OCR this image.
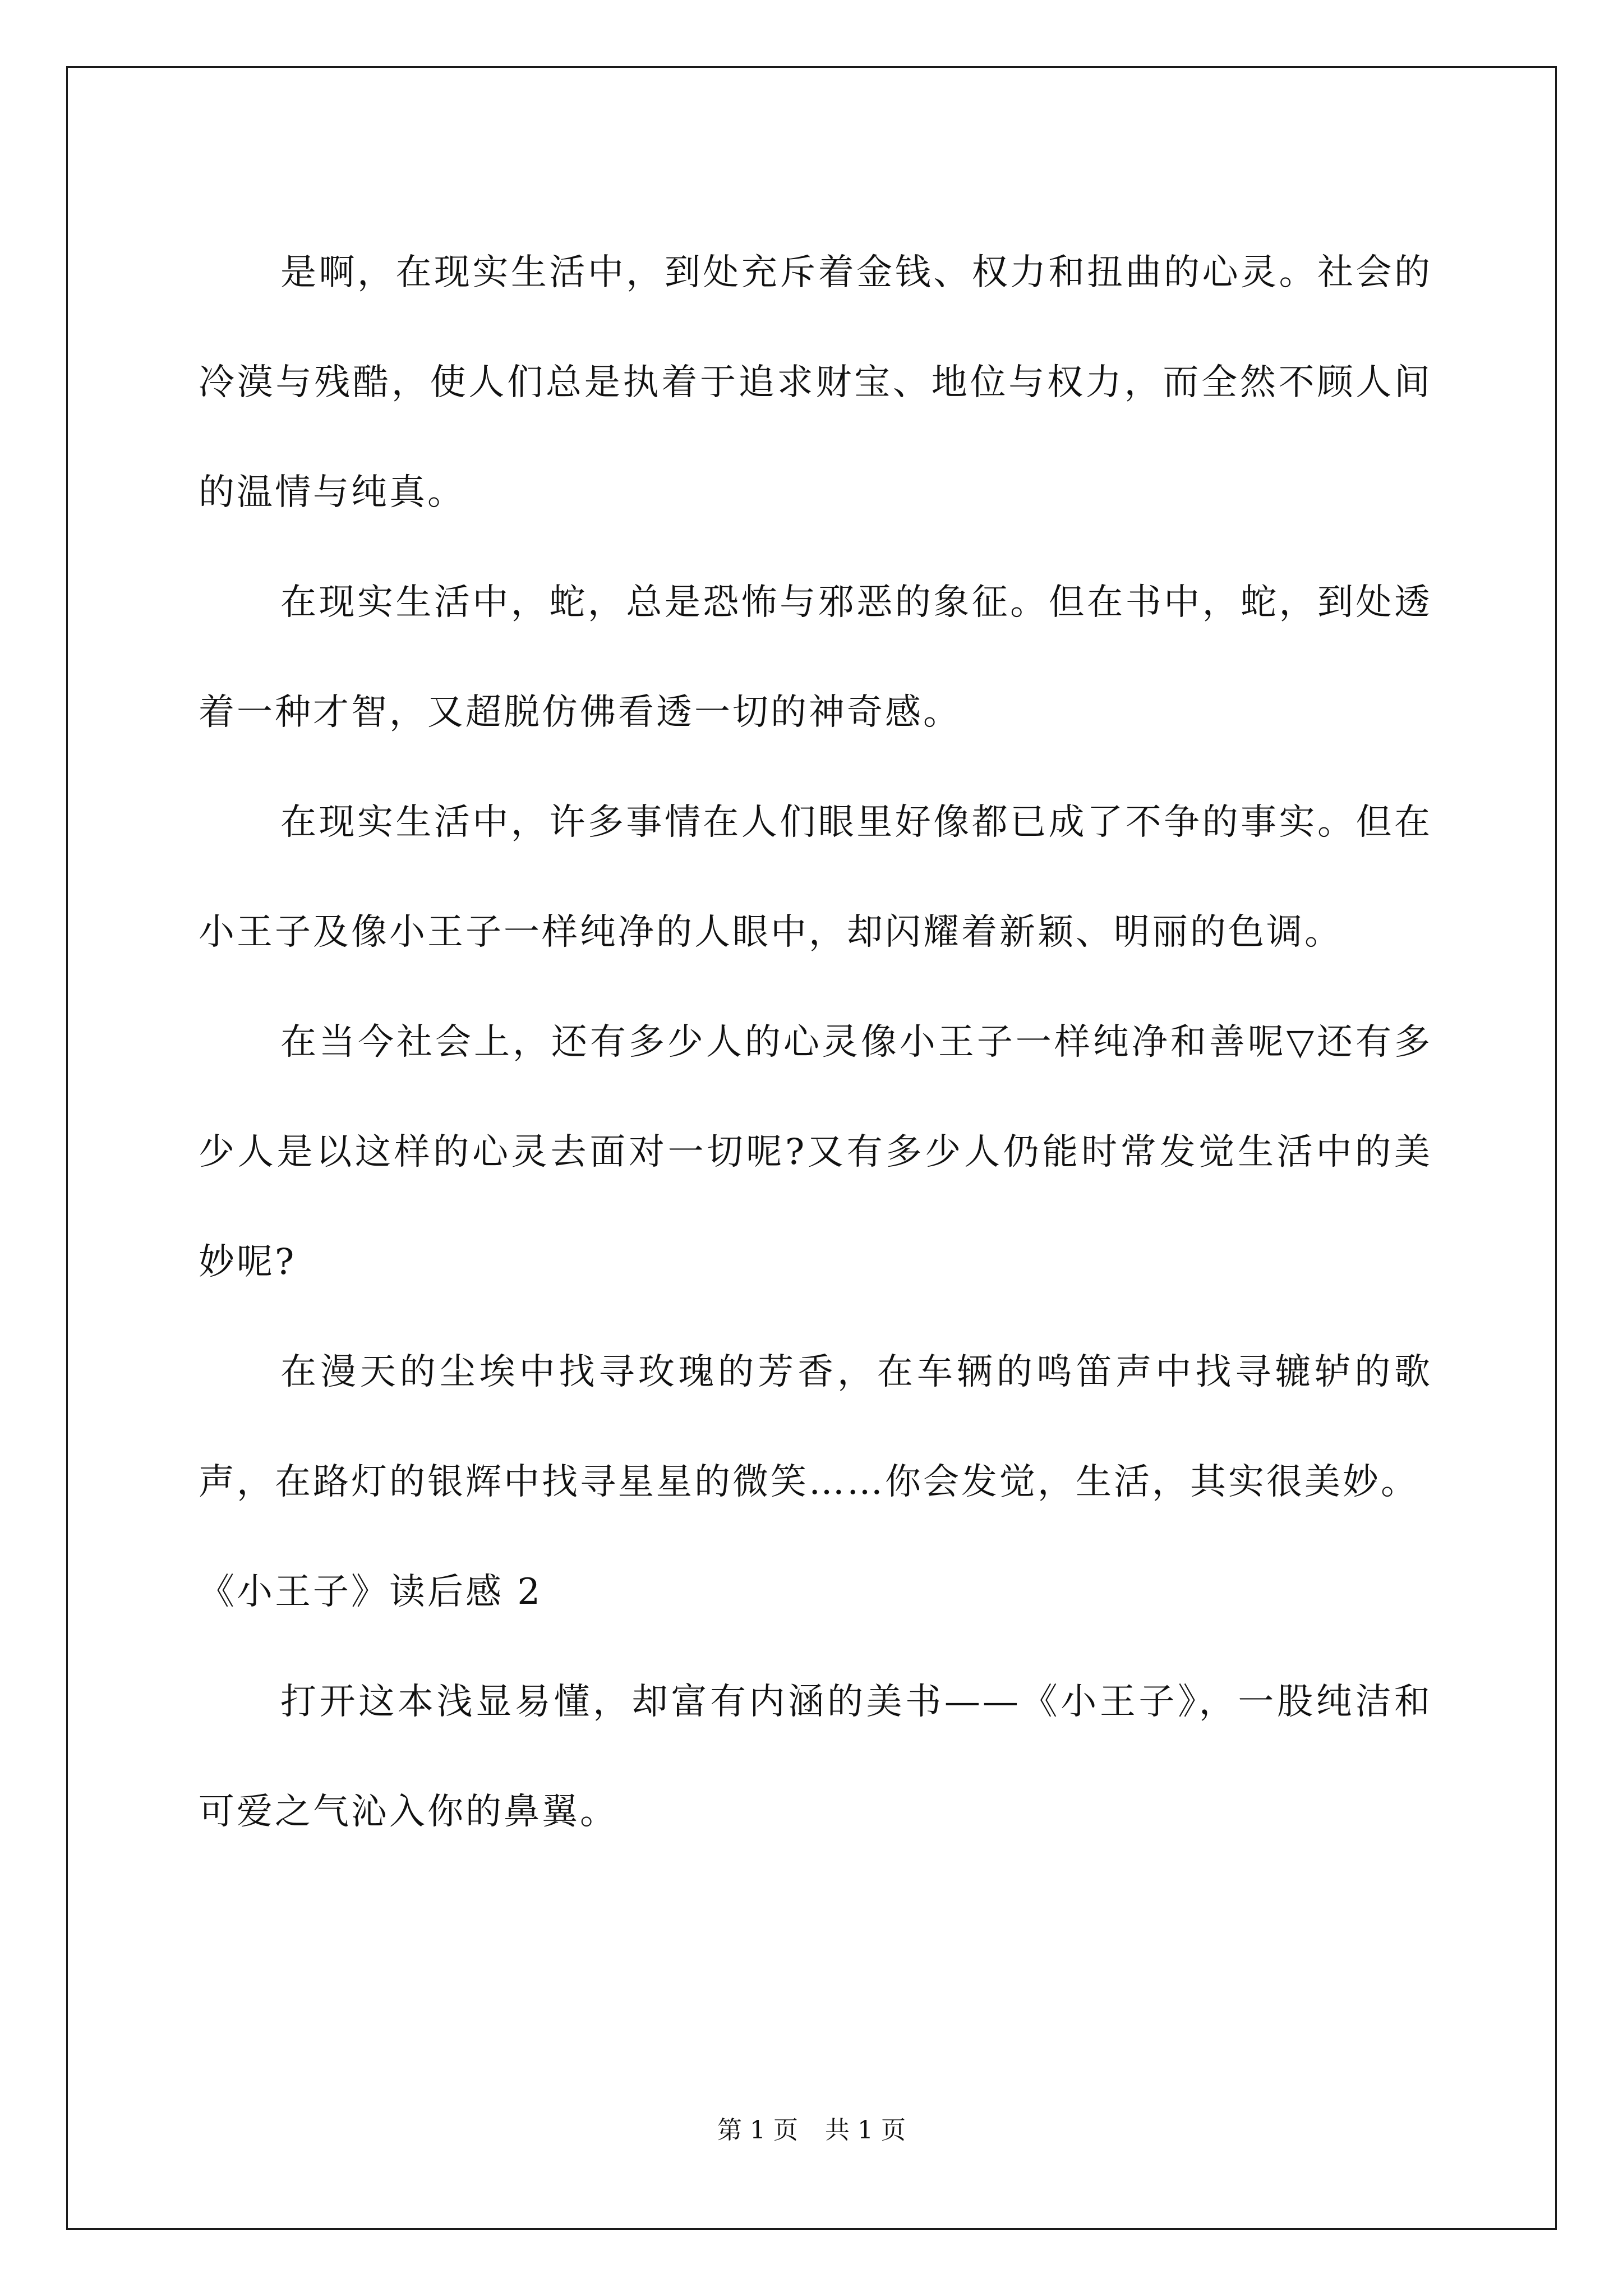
是啊，在现实生活中，到处充斥着金钱、权力和扭曲的心灵。社会的冷漠与残酷，使人们总是执着于追求财宝、地位与权力，而全然不顾人间的温情与纯真。

在现实生活中，蛇，总是恐怖与邪恶的象征。但在书中，蛇，到处透着一种才智，又超脱仿佛看透一切的神奇感。

在现实生活中，许多事情在人们眼里好像都已成了不争的事实。但在小王子及像小王子一样纯净的人眼中，却闪耀着新颖、明丽的色调。

在当今社会上，还有多少人的心灵像小王子一样纯净和善呢▽还有多少人是以这样的心灵去面对一切呢?又有多少人仍能时常发觉生活中的美妙呢?

在漫天的尘埃中找寻玫瑰的芳香，在车辆的鸣笛声中找寻辘轳的歌声，在路灯的银辉中找寻星星的微笑……你会发觉，生活，其实很美妙。

《小王子》读后感 2

打开这本浅显易懂，却富有内涵的美书——《小王子》，一股纯洁和可爱之气沁入你的鼻翼。

第 1 页 共 1 页
